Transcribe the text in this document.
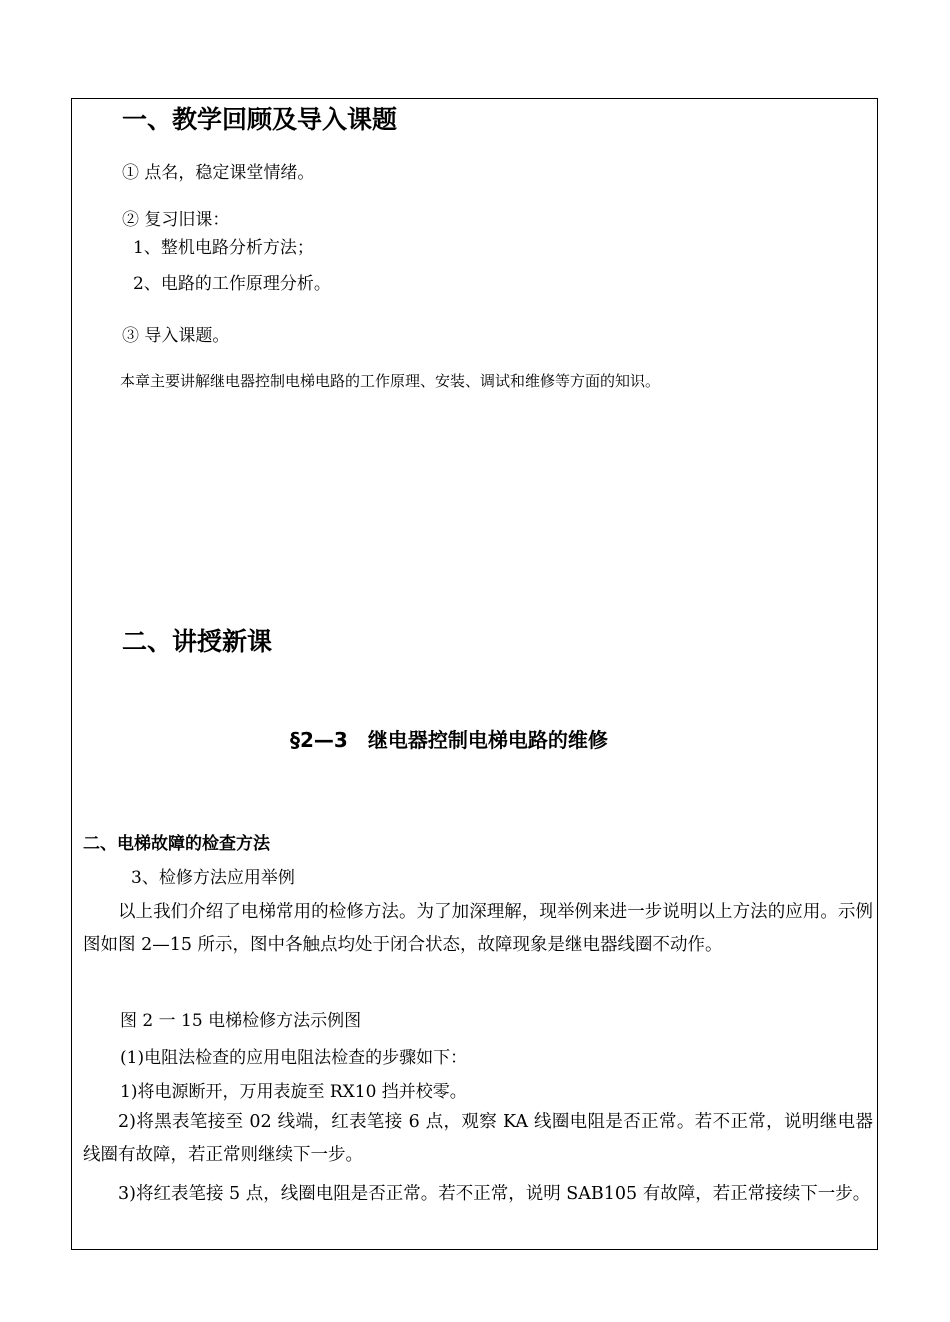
一、教学回顾及导入课题
① 点名，稳定课堂情绪。
② 复习旧课：
1、整机电路分析方法；
2、电路的工作原理分析。
③ 导入课题。
本章主要讲解继电器控制电梯电路的工作原理、安装、调试和维修等方面的知识。
二、讲授新课
§2—3　继电器控制电梯电路的维修
二、电梯故障的检查方法
3、检修方法应用举例
以上我们介绍了电梯常用的检修方法。为了加深理解，现举例来进一步说明以上方法的应用。示例图如图 2—15 所示，图中各触点均处于闭合状态，故障现象是继电器线圈不动作。
图 2 一 15 电梯检修方法示例图
(1)电阻法检查的应用电阻法检查的步骤如下：
1)将电源断开，万用表旋至 RX10 挡并校零。
2)将黑表笔接至 02 线端，红表笔接 6 点，观察 KA 线圈电阻是否正常。若不正常，说明继电器线圈有故障，若正常则继续下一步。
3)将红表笔接 5 点，线圈电阻是否正常。若不正常，说明 SAB105 有故障，若正常接续下一步。
